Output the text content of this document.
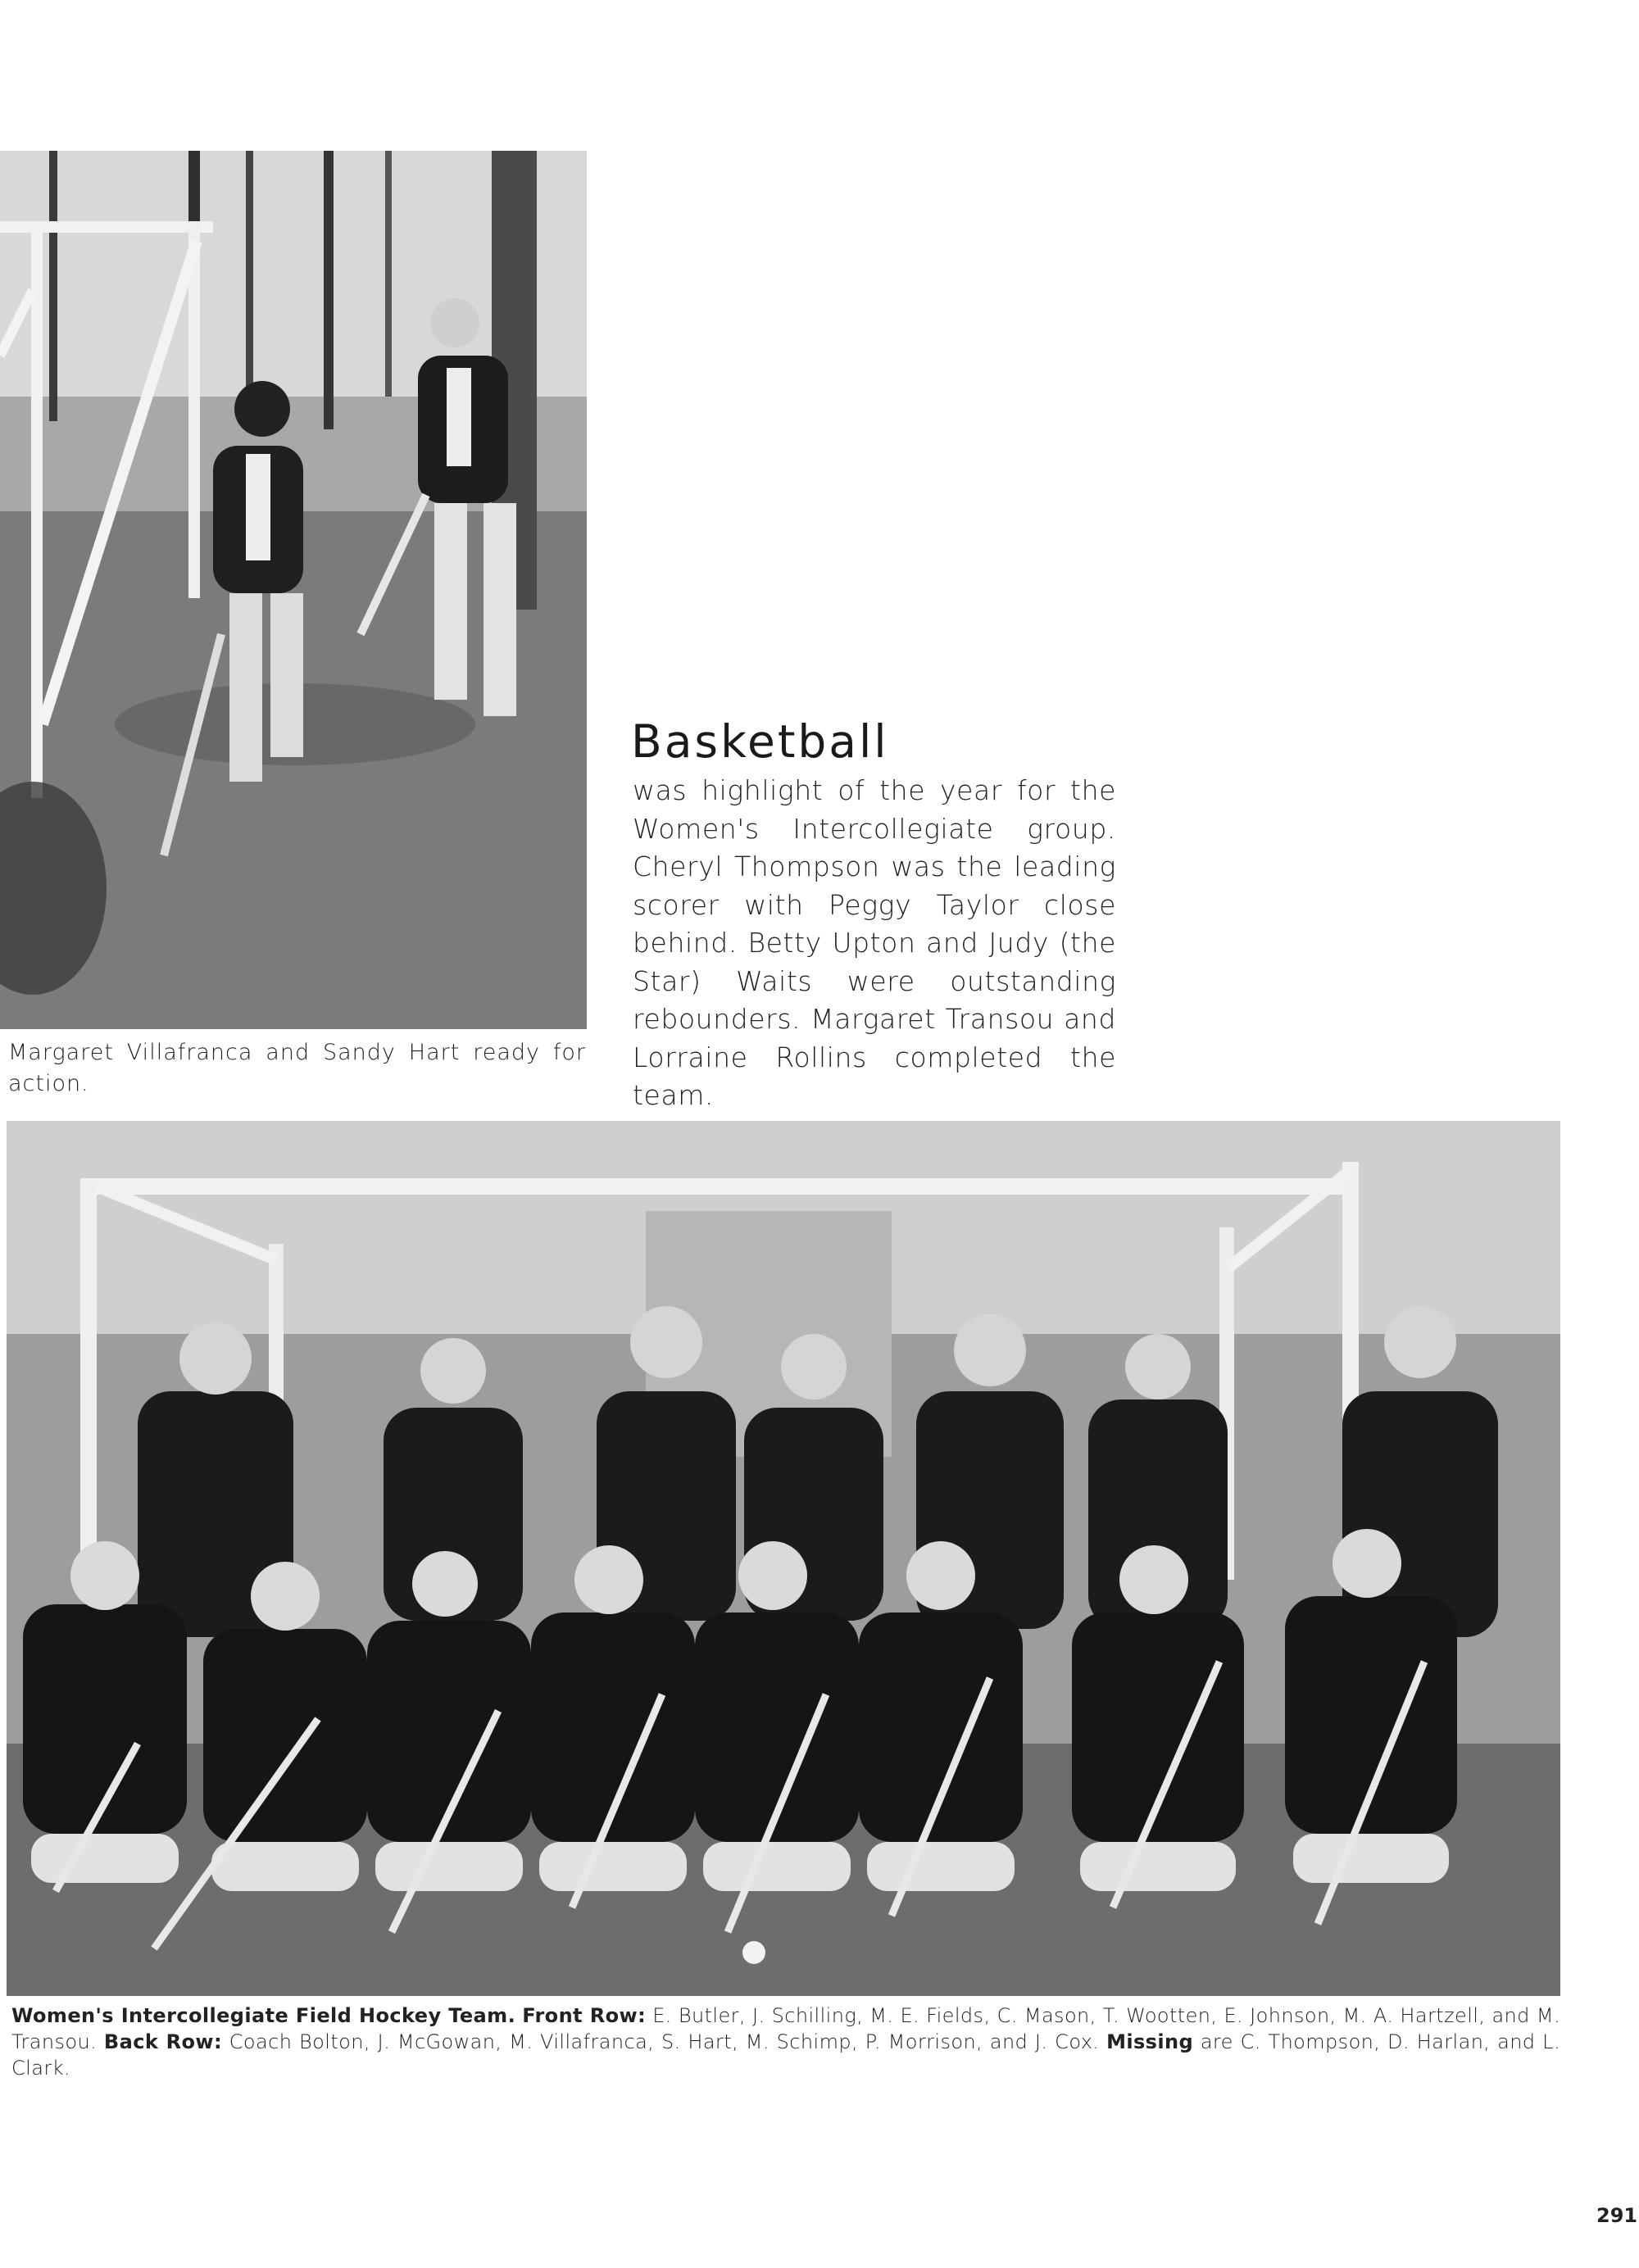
Margaret Villafranca and Sandy Hart ready for action.

Basketball

was highlight of the year for the Women's Intercollegiate group. Cheryl Thompson was the leading scorer with Peggy Taylor close behind. Betty Upton and Judy (the Star) Waits were outstanding rebounders. Margaret Transou and Lorraine Rollins completed the team.

Women's Intercollegiate Field Hockey Team. Front Row: E. Butler, J. Schilling, M. E. Fields, C. Mason, T. Wootten, E. Johnson, M. A. Hartzell, and M. Transou. Back Row: Coach Bolton, J. McGowan, M. Villafranca, S. Hart, M. Schimp, P. Morrison, and J. Cox. Missing are C. Thompson, D. Harlan, and L. Clark.

291
